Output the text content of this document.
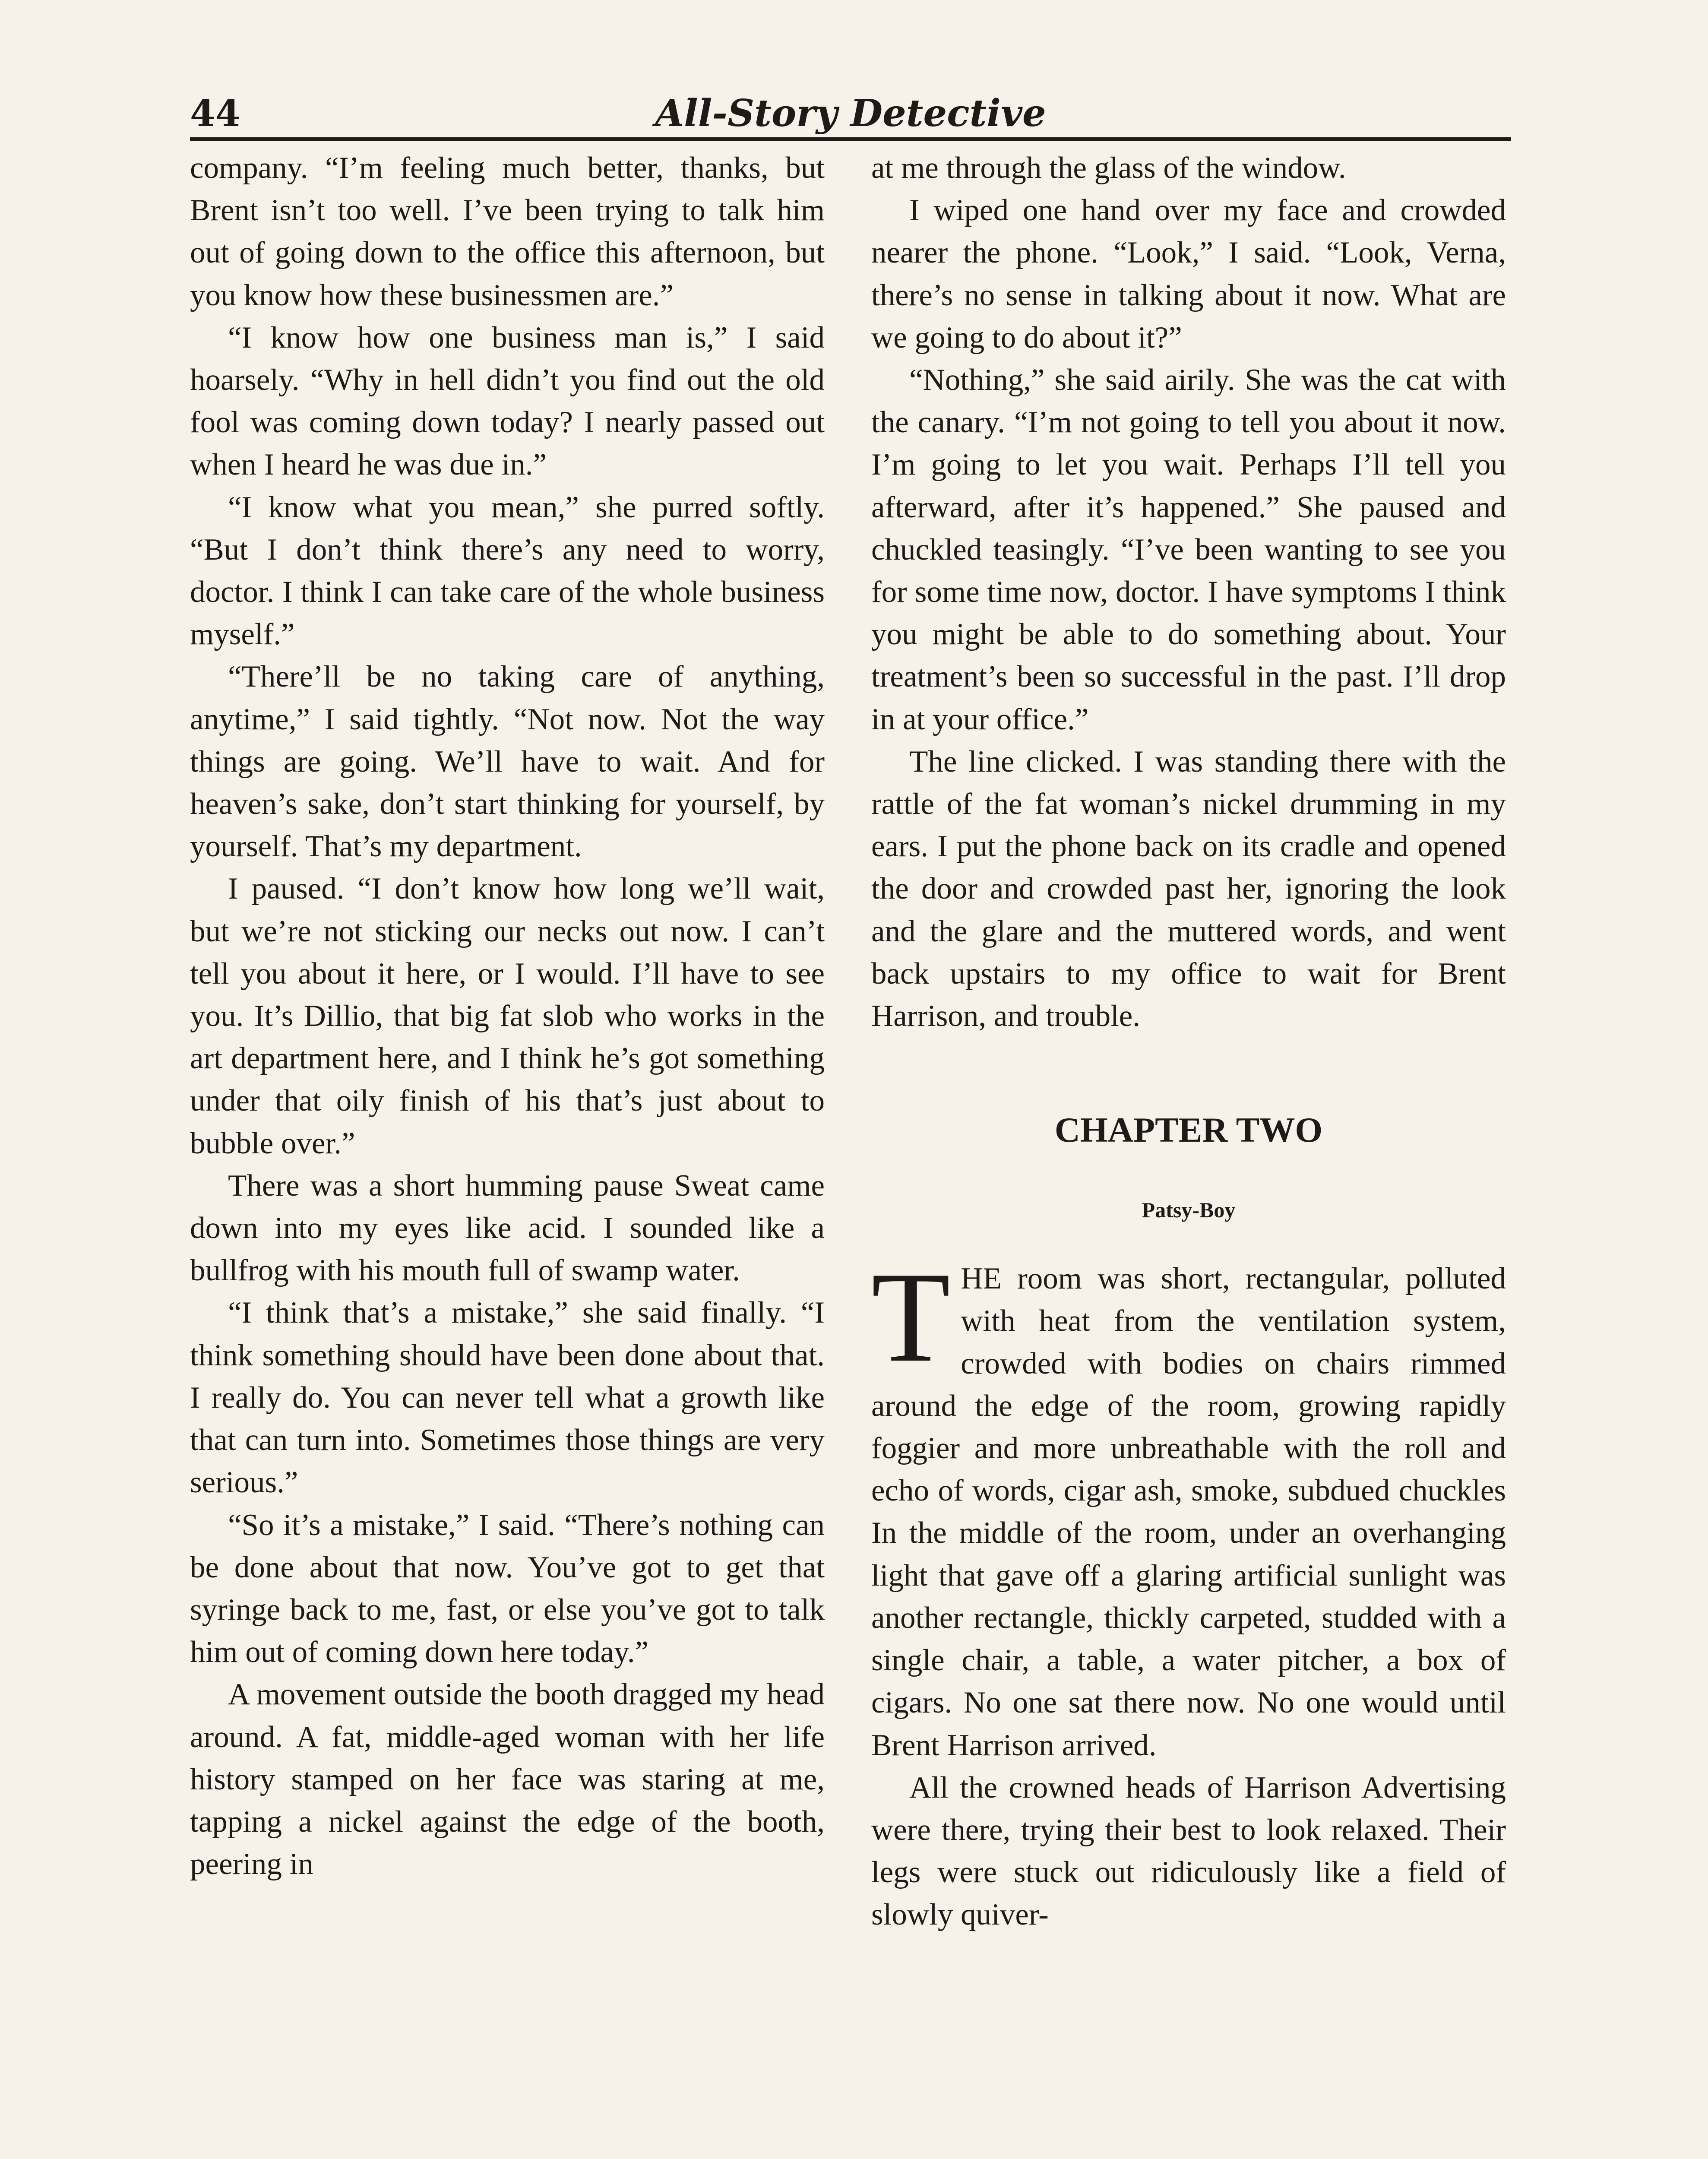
44	All-Story Detective

company. “I’m feeling much better, thanks, but Brent isn’t too well. I’ve been trying to talk him out of going down to the office this afternoon, but you know how these businessmen are.”

“I know how one business man is,” I said hoarsely. “Why in hell didn’t you find out the old fool was coming down today? I nearly passed out when I heard he was due in.”

“I know what you mean,” she purred softly. “But I don’t think there’s any need to worry, doctor. I think I can take care of the whole business myself.”

“There’ll be no taking care of anything, anytime,” I said tightly. “Not now. Not the way things are going. We’ll have to wait. And for heaven’s sake, don’t start thinking for yourself, by yourself. That’s my department.

I paused. “I don’t know how long we’ll wait, but we’re not sticking our necks out now. I can’t tell you about it here, or I would. I’ll have to see you. It’s Dillio, that big fat slob who works in the art department here, and I think he’s got something under that oily finish of his that’s just about to bubble over.”

There was a short humming pause Sweat came down into my eyes like acid. I sounded like a bullfrog with his mouth full of swamp water.

“I think that’s a mistake,” she said finally. “I think something should have been done about that. I really do. You can never tell what a growth like that can turn into. Sometimes those things are very serious.”

“So it’s a mistake,” I said. “There’s nothing can be done about that now. You’ve got to get that syringe back to me, fast, or else you’ve got to talk him out of coming down here today.”

A movement outside the booth dragged my head around. A fat, middle-aged woman with her life history stamped on her face was staring at me, tapping a nickel against the edge of the booth, peering in

at me through the glass of the window.

I wiped one hand over my face and crowded nearer the phone. “Look,” I said. “Look, Verna, there’s no sense in talking about it now. What are we going to do about it?”

“Nothing,” she said airily. She was the cat with the canary. “I’m not going to tell you about it now. I’m going to let you wait. Perhaps I’ll tell you afterward, after it’s happened.” She paused and chuckled teasingly. “I’ve been wanting to see you for some time now, doctor. I have symptoms I think you might be able to do something about. Your treatment’s been so successful in the past. I’ll drop in at your office.”

The line clicked. I was standing there with the rattle of the fat woman’s nickel drumming in my ears. I put the phone back on its cradle and opened the door and crowded past her, ignoring the look and the glare and the muttered words, and went back upstairs to my office to wait for Brent Harrison, and trouble.

CHAPTER TWO
Patsy-Boy

THE room was short, rectangular, polluted with heat from the ventilation system, crowded with bodies on chairs rimmed around the edge of the room, growing rapidly foggier and more unbreathable with the roll and echo of words, cigar ash, smoke, subdued chuckles In the middle of the room, under an overhanging light that gave off a glaring artificial sunlight was another rectangle, thickly carpeted, studded with a single chair, a table, a water pitcher, a box of cigars. No one sat there now. No one would until Brent Harrison arrived.

All the crowned heads of Harrison Advertising were there, trying their best to look relaxed. Their legs were stuck out ridiculously like a field of slowly quiver-
